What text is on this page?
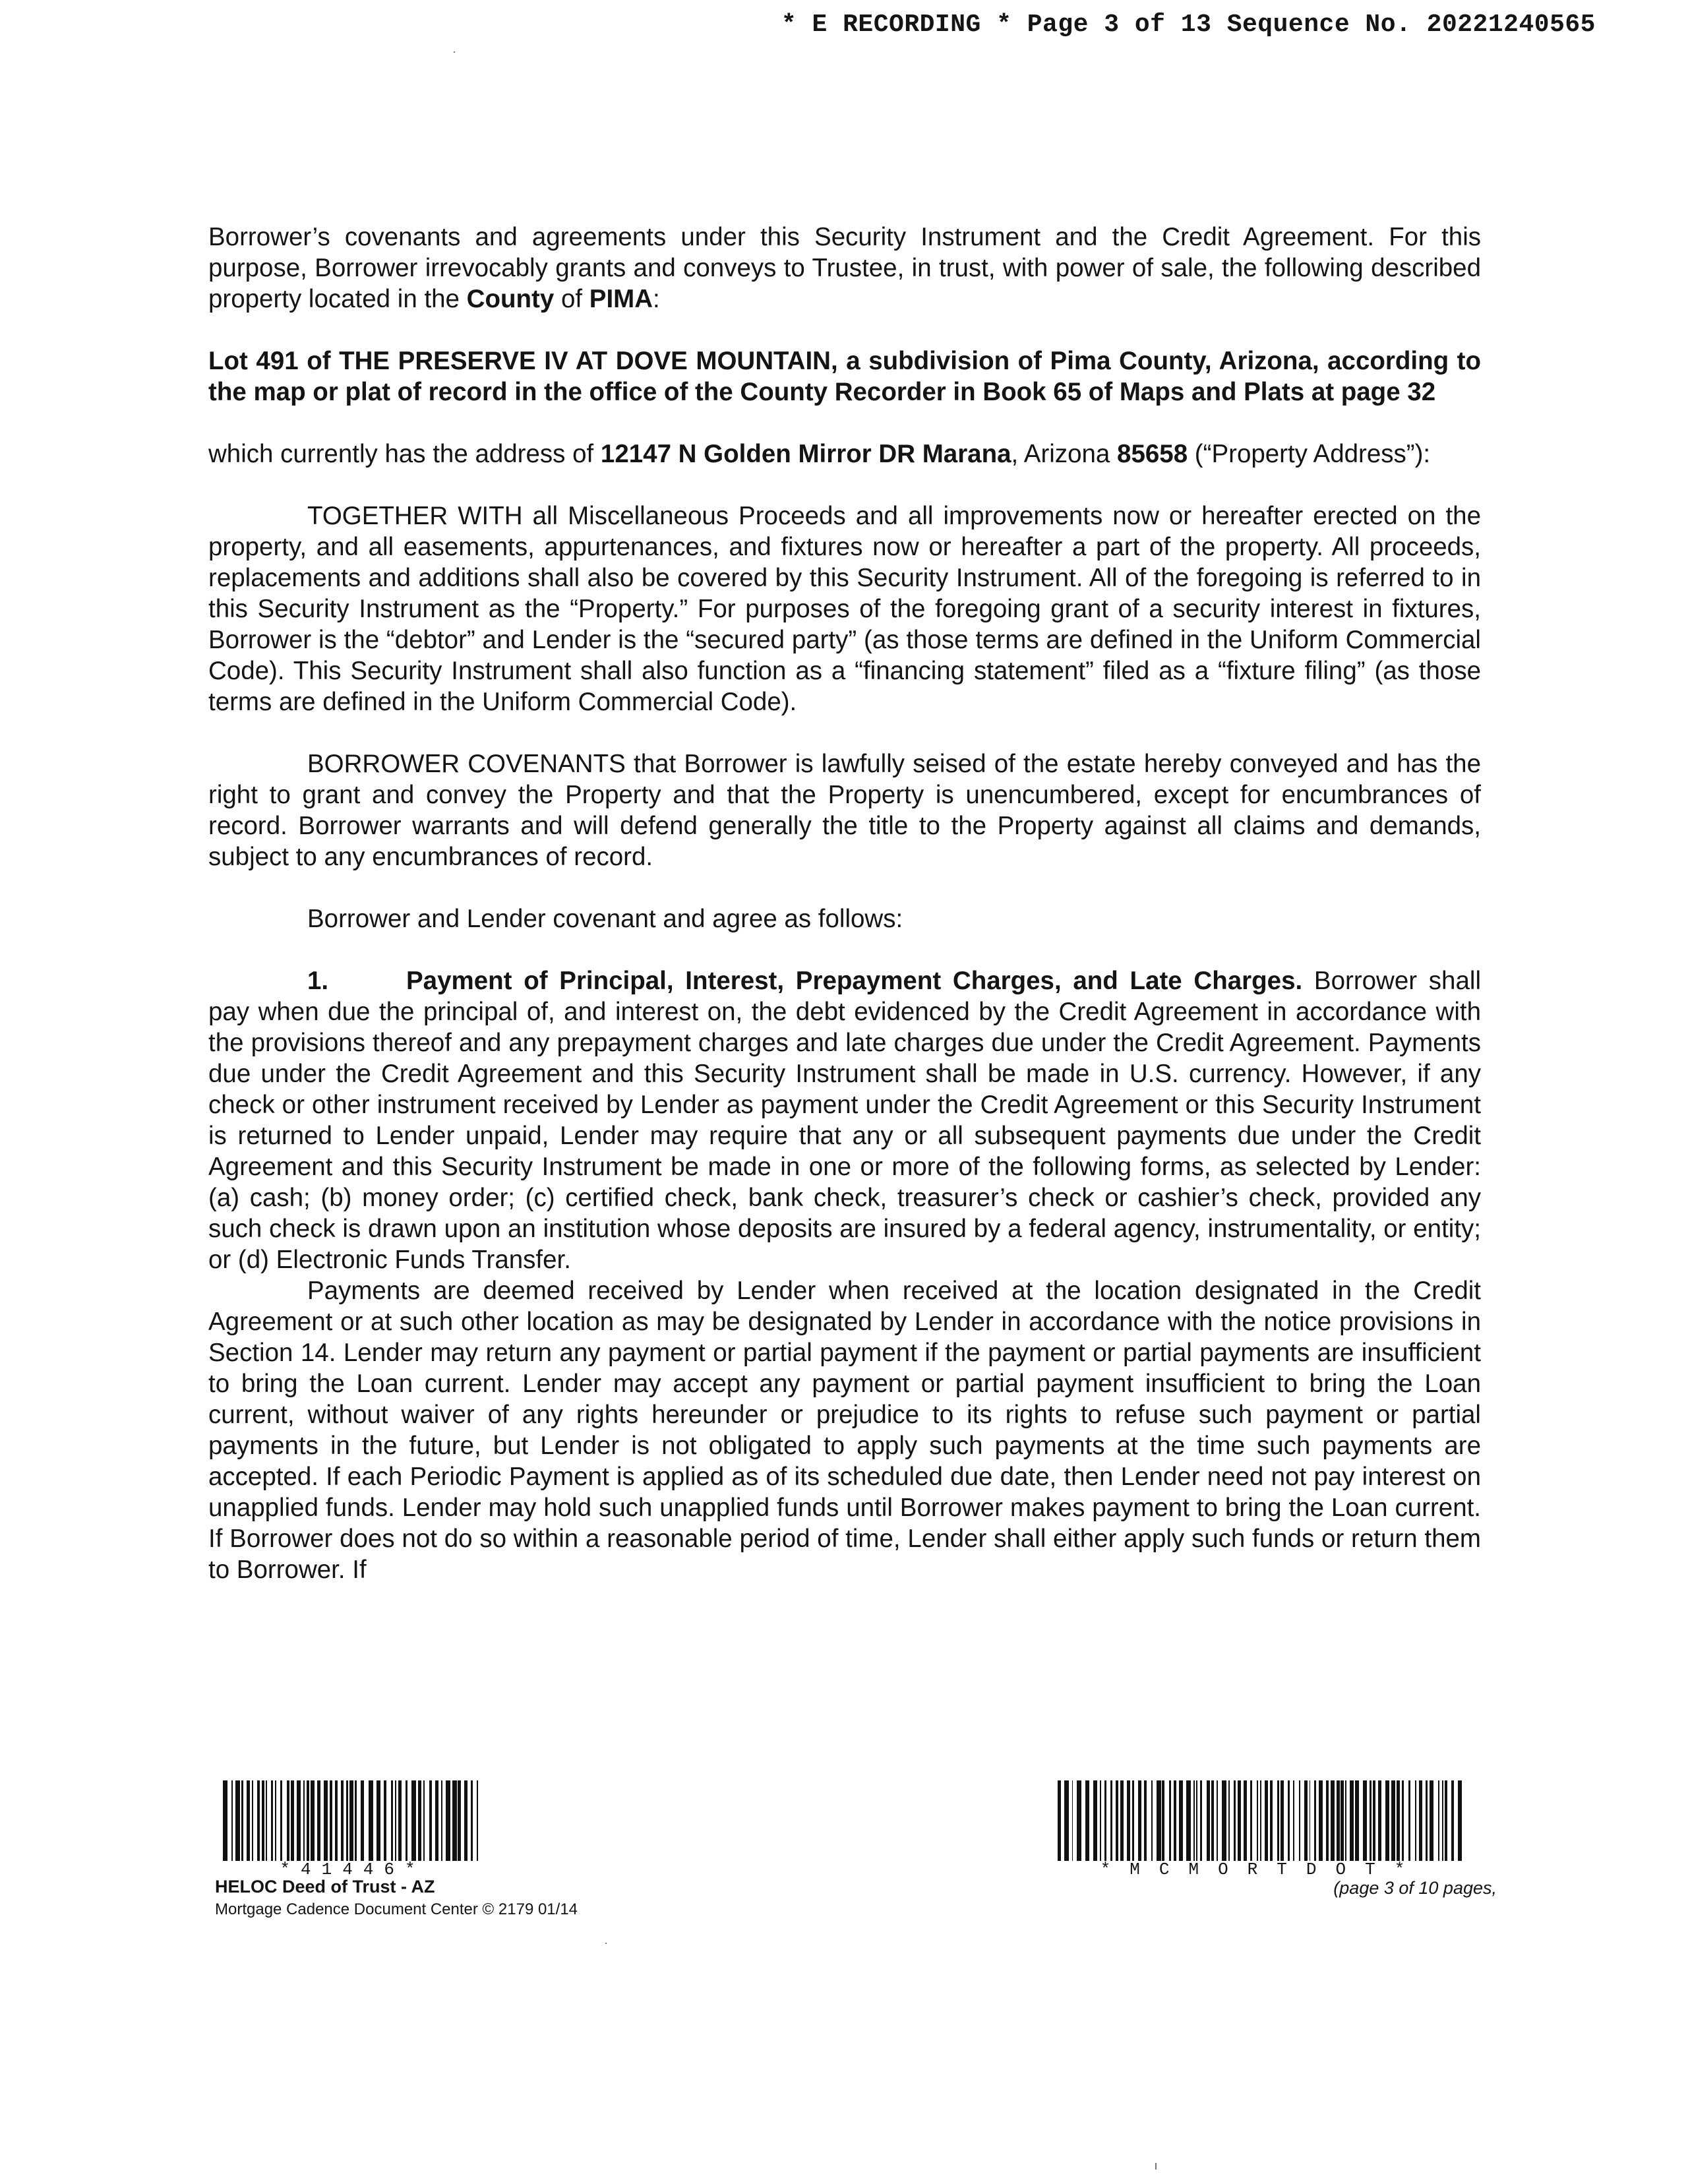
* E RECORDING * Page 3 of 13 Sequence No. 20221240565

Borrower’s covenants and agreements under this Security Instrument and the Credit Agreement. For this purpose, Borrower irrevocably grants and conveys to Trustee, in trust, with power of sale, the following described property located in the County of PIMA:

Lot 491 of THE PRESERVE IV AT DOVE MOUNTAIN, a subdivision of Pima County, Arizona, according to the map or plat of record in the office of the County Recorder in Book 65 of Maps and Plats at page 32

which currently has the address of 12147 N Golden Mirror DR Marana, Arizona 85658 (“Property Address”):

TOGETHER WITH all Miscellaneous Proceeds and all improvements now or hereafter erected on the property, and all easements, appurtenances, and fixtures now or hereafter a part of the property. All proceeds, replacements and additions shall also be covered by this Security Instrument. All of the foregoing is referred to in this Security Instrument as the “Property.” For purposes of the foregoing grant of a security interest in fixtures, Borrower is the “debtor” and Lender is the “secured party” (as those terms are defined in the Uniform Commercial Code). This Security Instrument shall also function as a “financing statement” filed as a “fixture filing” (as those terms are defined in the Uniform Commercial Code).

BORROWER COVENANTS that Borrower is lawfully seised of the estate hereby conveyed and has the right to grant and convey the Property and that the Property is unencumbered, except for encumbrances of record. Borrower warrants and will defend generally the title to the Property against all claims and demands, subject to any encumbrances of record.

Borrower and Lender covenant and agree as follows:

1.	Payment of Principal, Interest, Prepayment Charges, and Late Charges. Borrower shall pay when due the principal of, and interest on, the debt evidenced by the Credit Agreement in accordance with the provisions thereof and any prepayment charges and late charges due under the Credit Agreement. Payments due under the Credit Agreement and this Security Instrument shall be made in U.S. currency. However, if any check or other instrument received by Lender as payment under the Credit Agreement or this Security Instrument is returned to Lender unpaid, Lender may require that any or all subsequent payments due under the Credit Agreement and this Security Instrument be made in one or more of the following forms, as selected by Lender: (a) cash; (b) money order; (c) certified check, bank check, treasurer’s check or cashier’s check, provided any such check is drawn upon an institution whose deposits are insured by a federal agency, instrumentality, or entity; or (d) Electronic Funds Transfer.

Payments are deemed received by Lender when received at the location designated in the Credit Agreement or at such other location as may be designated by Lender in accordance with the notice provisions in Section 14. Lender may return any payment or partial payment if the payment or partial payments are insufficient to bring the Loan current. Lender may accept any payment or partial payment insufficient to bring the Loan current, without waiver of any rights hereunder or prejudice to its rights to refuse such payment or partial payments in the future, but Lender is not obligated to apply such payments at the time such payments are accepted. If each Periodic Payment is applied as of its scheduled due date, then Lender need not pay interest on unapplied funds. Lender may hold such unapplied funds until Borrower makes payment to bring the Loan current. If Borrower does not do so within a reasonable period of time, Lender shall either apply such funds or return them to Borrower. If

*41446*	*MCMORTDOT*
HELOC Deed of Trust - AZ
Mortgage Cadence Document Center © 2179 01/14
(page 3 of 10 pages,
